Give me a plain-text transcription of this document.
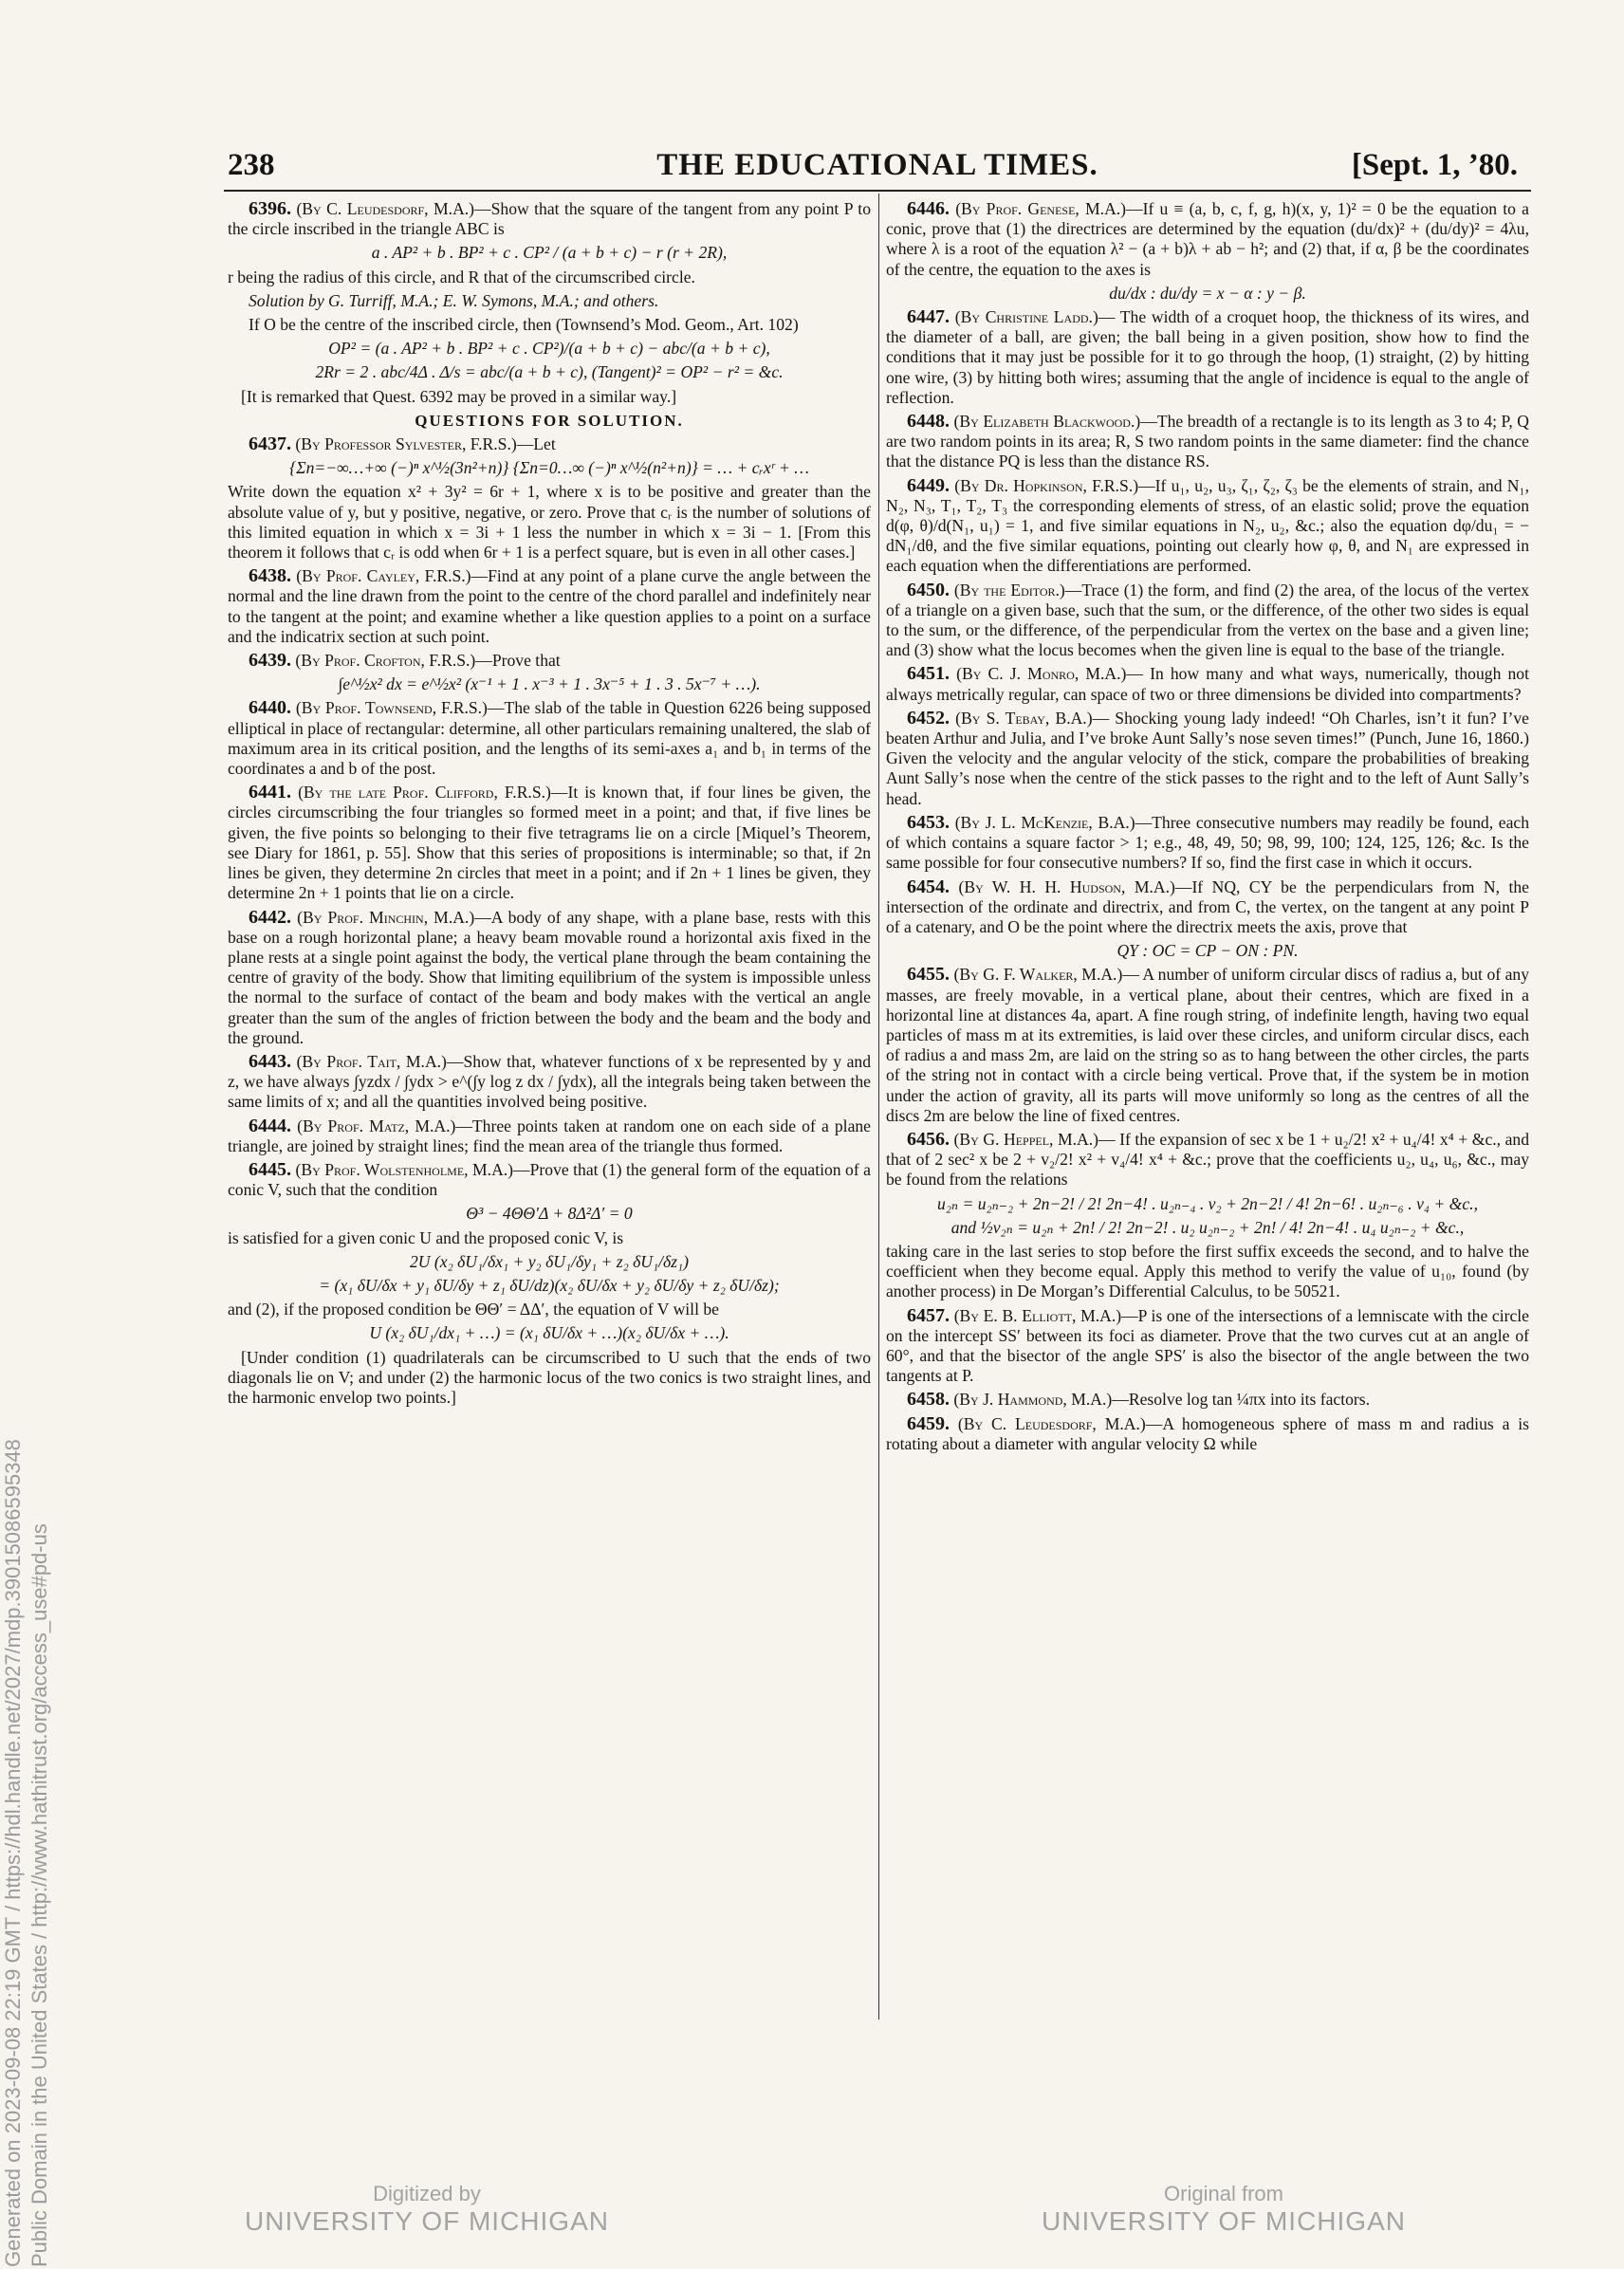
238	THE EDUCATIONAL TIMES.	[Sept. 1, ’80.

6396. (By C. Leudesdorf, M.A.)—Show that the square of the tangent from any point P to the circle inscribed in the triangle ABC is

a . AP² + b . BP² + c . CP² / (a + b + c) − r (r + 2R),

r being the radius of this circle, and R that of the circumscribed circle.

Solution by G. Turriff, M.A.; E. W. Symons, M.A.; and others.

If O be the centre of the inscribed circle, then (Townsend’s Mod. Geom., Art. 102)

OP² = (a . AP² + b . BP² + c . CP²)/(a + b + c) − abc/(a + b + c),

2Rr = 2 . abc/4Δ . Δ/s = abc/(a + b + c), (Tangent)² = OP² − r² = &c.

[It is remarked that Quest. 6392 may be proved in a similar way.]

QUESTIONS FOR SOLUTION.

6437. (By Professor Sylvester, F.R.S.)—Let

{Σn=−∞…+∞ (−)ⁿ x^½(3n²+n)} {Σn=0…∞ (−)ⁿ x^½(n²+n)} = … + cᵣxʳ + …

Write down the equation x² + 3y² = 6r + 1, where x is to be positive and greater than the absolute value of y, but y positive, negative, or zero. Prove that cᵣ is the number of solutions of this limited equation in which x = 3i + 1 less the number in which x = 3i − 1. [From this theorem it follows that cᵣ is odd when 6r + 1 is a perfect square, but is even in all other cases.]

6438. (By Prof. Cayley, F.R.S.)—Find at any point of a plane curve the angle between the normal and the line drawn from the point to the centre of the chord parallel and indefinitely near to the tangent at the point; and examine whether a like question applies to a point on a surface and the indicatrix section at such point.

6439. (By Prof. Crofton, F.R.S.)—Prove that

∫e^½x² dx = e^½x² (x⁻¹ + 1 . x⁻³ + 1 . 3x⁻⁵ + 1 . 3 . 5x⁻⁷ + …).

6440. (By Prof. Townsend, F.R.S.)—The slab of the table in Question 6226 being supposed elliptical in place of rectangular: determine, all other particulars remaining unaltered, the slab of maximum area in its critical position, and the lengths of its semi-axes a₁ and b₁ in terms of the coordinates a and b of the post.

6441. (By the late Prof. Clifford, F.R.S.)—It is known that, if four lines be given, the circles circumscribing the four triangles so formed meet in a point; and that, if five lines be given, the five points so belonging to their five tetragrams lie on a circle [Miquel’s Theorem, see Diary for 1861, p. 55]. Show that this series of propositions is interminable; so that, if 2n lines be given, they determine 2n circles that meet in a point; and if 2n + 1 lines be given, they determine 2n + 1 points that lie on a circle.

6442. (By Prof. Minchin, M.A.)—A body of any shape, with a plane base, rests with this base on a rough horizontal plane; a heavy beam movable round a horizontal axis fixed in the plane rests at a single point against the body, the vertical plane through the beam containing the centre of gravity of the body. Show that limiting equilibrium of the system is impossible unless the normal to the surface of contact of the beam and body makes with the vertical an angle greater than the sum of the angles of friction between the body and the beam and the body and the ground.

6443. (By Prof. Tait, M.A.)—Show that, whatever functions of x be represented by y and z, we have always ∫yzdx / ∫ydx > e^(∫y log z dx / ∫ydx), all the integrals being taken between the same limits of x; and all the quantities involved being positive.

6444. (By Prof. Matz, M.A.)—Three points taken at random one on each side of a plane triangle, are joined by straight lines; find the mean area of the triangle thus formed.

6445. (By Prof. Wolstenholme, M.A.)—Prove that (1) the general form of the equation of a conic V, such that the condition

Θ³ − 4ΘΘ′Δ + 8Δ²Δ′ = 0

is satisfied for a given conic U and the proposed conic V, is

2U (x₂ δU₁/δx₁ + y₂ δU₁/δy₁ + z₂ δU₁/δz₁)

= (x₁ δU/δx + y₁ δU/δy + z₁ δU/dz)(x₂ δU/δx + y₂ δU/δy + z₂ δU/δz);

and (2), if the proposed condition be ΘΘ′ = ΔΔ′, the equation of V will be

U (x₂ δU₁/dx₁ + …) = (x₁ δU/δx + …)(x₂ δU/δx + …).

[Under condition (1) quadrilaterals can be circumscribed to U such that the ends of two diagonals lie on V; and under (2) the harmonic locus of the two conics is two straight lines, and the harmonic envelop two points.]

6446. (By Prof. Genese, M.A.)—If u ≡ (a, b, c, f, g, h)(x, y, 1)² = 0 be the equation to a conic, prove that (1) the directrices are determined by the equation (du/dx)² + (du/dy)² = 4λu, where λ is a root of the equation λ² − (a + b)λ + ab − h²; and (2) that, if α, β be the coordinates of the centre, the equation to the axes is

du/dx : du/dy = x − α : y − β.

6447. (By Christine Ladd.)— The width of a croquet hoop, the thickness of its wires, and the diameter of a ball, are given; the ball being in a given position, show how to find the conditions that it may just be possible for it to go through the hoop, (1) straight, (2) by hitting one wire, (3) by hitting both wires; assuming that the angle of incidence is equal to the angle of reflection.

6448. (By Elizabeth Blackwood.)—The breadth of a rectangle is to its length as 3 to 4; P, Q are two random points in its area; R, S two random points in the same diameter: find the chance that the distance PQ is less than the distance RS.

6449. (By Dr. Hopkinson, F.R.S.)—If u₁, u₂, u₃, ζ₁, ζ₂, ζ₃ be the elements of strain, and N₁, N₂, N₃, T₁, T₂, T₃ the corresponding elements of stress, of an elastic solid; prove the equation d(φ, θ)/d(N₁, u₁) = 1, and five similar equations in N₂, u₂, &c.; also the equation dφ/du₁ = − dN₁/dθ, and the five similar equations, pointing out clearly how φ, θ, and N₁ are expressed in each equation when the differentiations are performed.

6450. (By the Editor.)—Trace (1) the form, and find (2) the area, of the locus of the vertex of a triangle on a given base, such that the sum, or the difference, of the other two sides is equal to the sum, or the difference, of the perpendicular from the vertex on the base and a given line; and (3) show what the locus becomes when the given line is equal to the base of the triangle.

6451. (By C. J. Monro, M.A.)— In how many and what ways, numerically, though not always metrically regular, can space of two or three dimensions be divided into compartments?

6452. (By S. Tebay, B.A.)— Shocking young lady indeed! “Oh Charles, isn’t it fun? I’ve beaten Arthur and Julia, and I’ve broke Aunt Sally’s nose seven times!” (Punch, June 16, 1860.) Given the velocity and the angular velocity of the stick, compare the probabilities of breaking Aunt Sally’s nose when the centre of the stick passes to the right and to the left of Aunt Sally’s head.

6453. (By J. L. McKenzie, B.A.)—Three consecutive numbers may readily be found, each of which contains a square factor > 1; e.g., 48, 49, 50; 98, 99, 100; 124, 125, 126; &c. Is the same possible for four consecutive numbers? If so, find the first case in which it occurs.

6454. (By W. H. H. Hudson, M.A.)—If NQ, CY be the perpendiculars from N, the intersection of the ordinate and directrix, and from C, the vertex, on the tangent at any point P of a catenary, and O be the point where the directrix meets the axis, prove that

QY : OC = CP − ON : PN.

6455. (By G. F. Walker, M.A.)— A number of uniform circular discs of radius a, but of any masses, are freely movable, in a vertical plane, about their centres, which are fixed in a horizontal line at distances 4a, apart. A fine rough string, of indefinite length, having two equal particles of mass m at its extremities, is laid over these circles, and uniform circular discs, each of radius a and mass 2m, are laid on the string so as to hang between the other circles, the parts of the string not in contact with a circle being vertical. Prove that, if the system be in motion under the action of gravity, all its parts will move uniformly so long as the centres of all the discs 2m are below the line of fixed centres.

6456. (By G. Heppel, M.A.)— If the expansion of sec x be 1 + u₂/2! x² + u₄/4! x⁴ + &c., and that of 2 sec² x be 2 + v₂/2! x² + v₄/4! x⁴ + &c.; prove that the coefficients u₂, u₄, u₆, &c., may be found from the relations

u₂ₙ = u₂ₙ₋₂ + 2n−2! / 2! 2n−4! . u₂ₙ₋₄ . v₂ + 2n−2! / 4! 2n−6! . u₂ₙ₋₆ . v₄ + &c.,

and ½v₂ₙ = u₂ₙ + 2n! / 2! 2n−2! . u₂ u₂ₙ₋₂ + 2n! / 4! 2n−4! . u₄ u₂ₙ₋₂ + &c.,

taking care in the last series to stop before the first suffix exceeds the second, and to halve the coefficient when they become equal. Apply this method to verify the value of u₁₀, found (by another process) in De Morgan’s Differential Calculus, to be 50521.

6457. (By E. B. Elliott, M.A.)—P is one of the intersections of a lemniscate with the circle on the intercept SS′ between its foci as diameter. Prove that the two curves cut at an angle of 60°, and that the bisector of the angle SPS′ is also the bisector of the angle between the two tangents at P.

6458. (By J. Hammond, M.A.)—Resolve log tan ¼πx into its factors.

6459. (By C. Leudesdorf, M.A.)—A homogeneous sphere of mass m and radius a is rotating about a diameter with angular velocity Ω while

Generated on 2023-09-08 22:19 GMT / https://hdl.handle.net/2027/mdp.39015086595348 Public Domain in the United States / http://www.hathitrust.org/access_use#pd-us	Digitized by
UNIVERSITY OF MICHIGAN
Original from
UNIVERSITY OF MICHIGAN
